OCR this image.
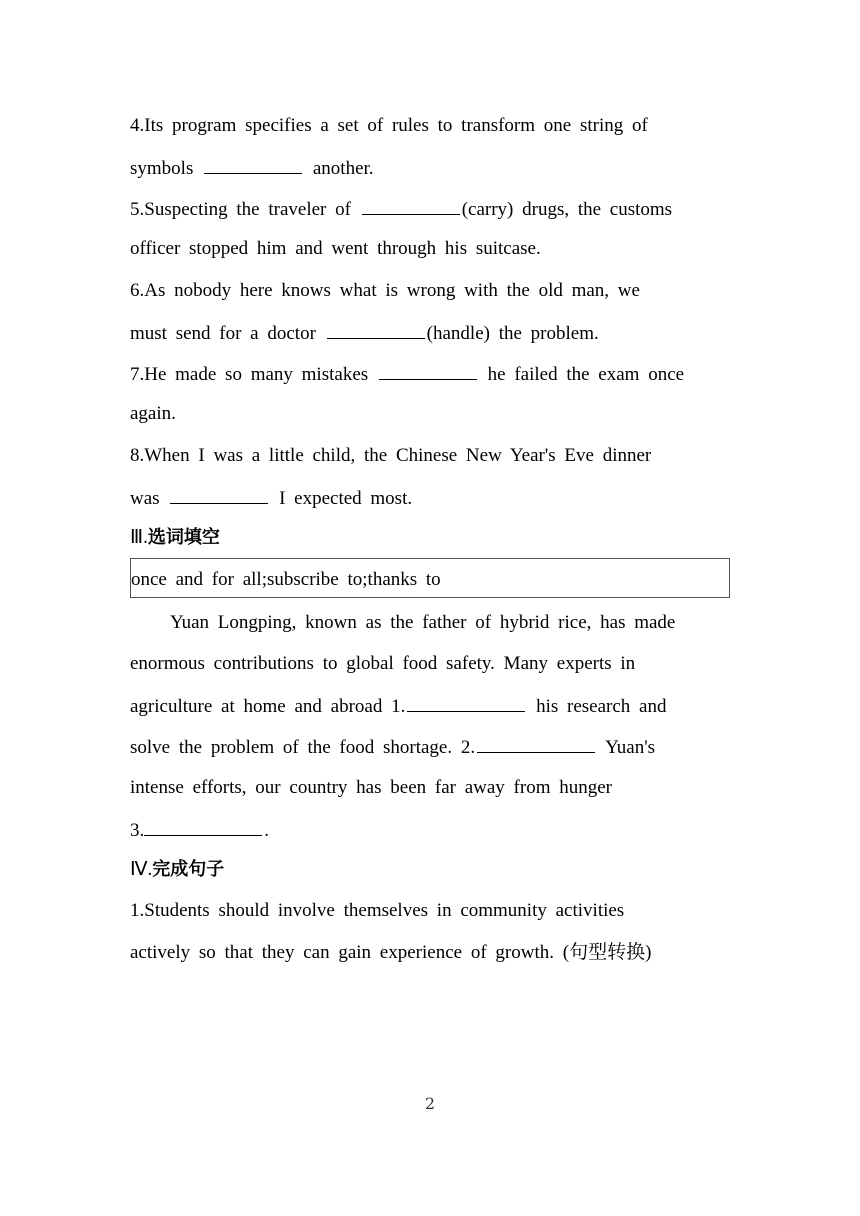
4.Its program specifies a set of rules to transform one string of
symbols	another.
5.Suspecting the traveler of	(carry) drugs, the customs
officer stopped him and went through his suitcase.
6.As nobody here knows what is wrong with the old man, we
must send for a doctor	(handle) the problem.
7.He made so many mistakes	he failed the exam once
again.
8.When I was a little child, the Chinese New Year's Eve dinner
was	I expected most.
Ⅲ.选词填空
once and for all;subscribe to;thanks to
Yuan Longping, known as the father of hybrid rice, has made
enormous contributions to global food safety. Many experts in
agriculture at home and abroad 1.	his research and
solve the problem of the food shortage. 2.	Yuan's
intense efforts, our country has been far away from hunger
3.	.
Ⅳ.完成句子
1.Students should involve themselves in community activities
actively so that they can gain experience of growth. (句型转换)
2
